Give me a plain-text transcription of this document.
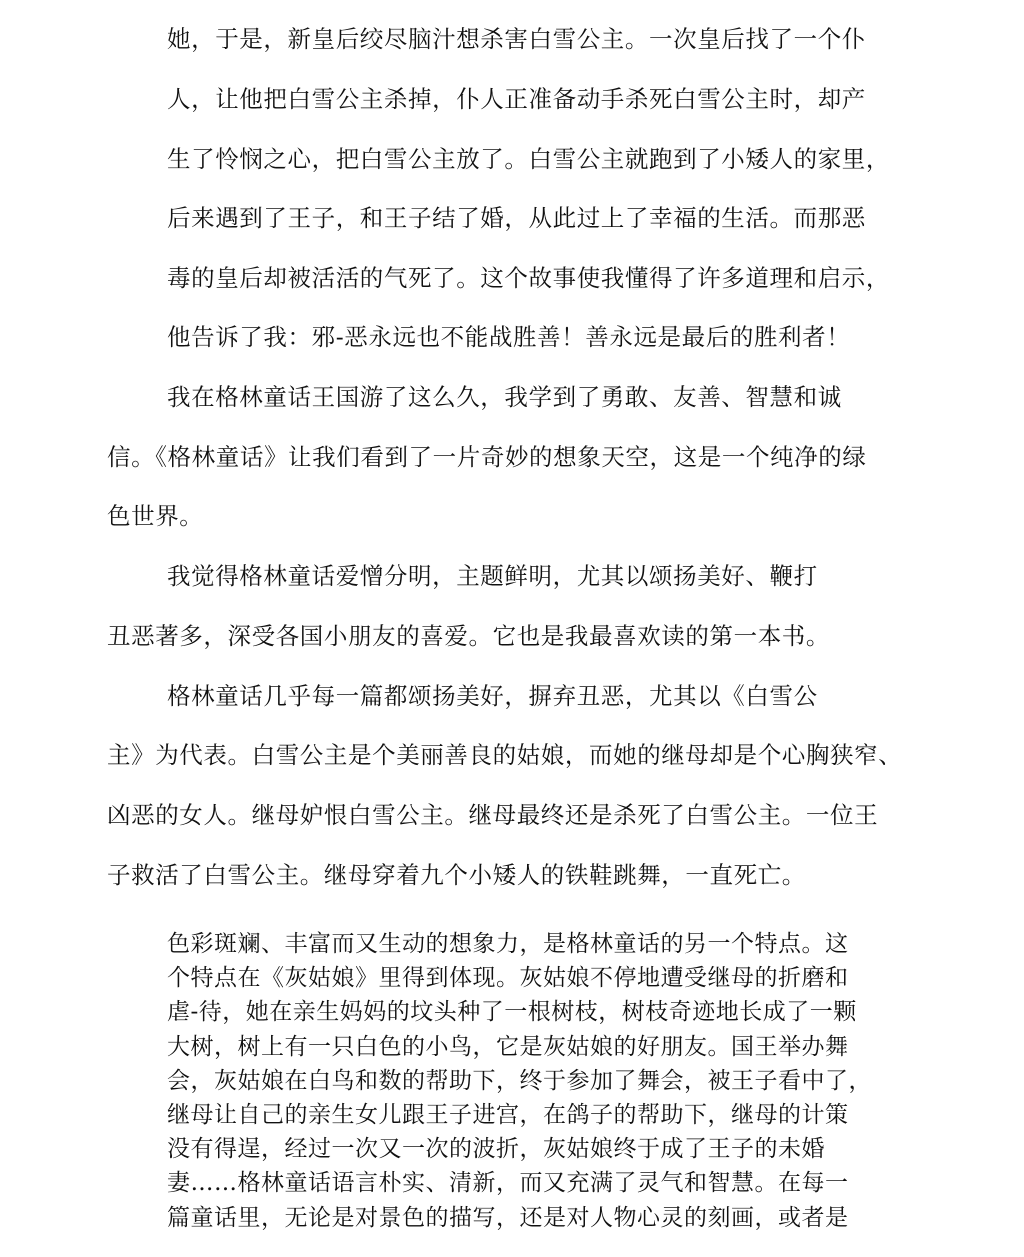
她，于是，新皇后绞尽脑汁想杀害白雪公主。一次皇后找了一个仆
人，让他把白雪公主杀掉，仆人正准备动手杀死白雪公主时，却产
生了怜悯之心，把白雪公主放了。白雪公主就跑到了小矮人的家里，
后来遇到了王子，和王子结了婚，从此过上了幸福的生活。而那恶
毒的皇后却被活活的气死了。这个故事使我懂得了许多道理和启示，
他告诉了我：邪-恶永远也不能战胜善！善永远是最后的胜利者！
我在格林童话王国游了这么久，我学到了勇敢、友善、智慧和诚
信。《格林童话》让我们看到了一片奇妙的想象天空，这是一个纯净的绿
色世界。
我觉得格林童话爱憎分明，主题鲜明，尤其以颂扬美好、鞭打
丑恶著多，深受各国小朋友的喜爱。它也是我最喜欢读的第一本书。
格林童话几乎每一篇都颂扬美好，摒弃丑恶，尤其以《白雪公
主》为代表。白雪公主是个美丽善良的姑娘，而她的继母却是个心胸狭窄、
凶恶的女人。继母妒恨白雪公主。继母最终还是杀死了白雪公主。一位王
子救活了白雪公主。继母穿着九个小矮人的铁鞋跳舞，一直死亡。
色彩斑斓、丰富而又生动的想象力，是格林童话的另一个特点。这
个特点在《灰姑娘》里得到体现。灰姑娘不停地遭受继母的折磨和
虐-待，她在亲生妈妈的坟头种了一根树枝，树枝奇迹地长成了一颗
大树，树上有一只白色的小鸟，它是灰姑娘的好朋友。国王举办舞
会，灰姑娘在白鸟和数的帮助下，终于参加了舞会，被王子看中了，
继母让自己的亲生女儿跟王子进宫，在鸽子的帮助下，继母的计策
没有得逞，经过一次又一次的波折，灰姑娘终于成了王子的未婚
妻……格林童话语言朴实、清新，而又充满了灵气和智慧。在每一
篇童话里，无论是对景色的描写，还是对人物心灵的刻画，或者是
